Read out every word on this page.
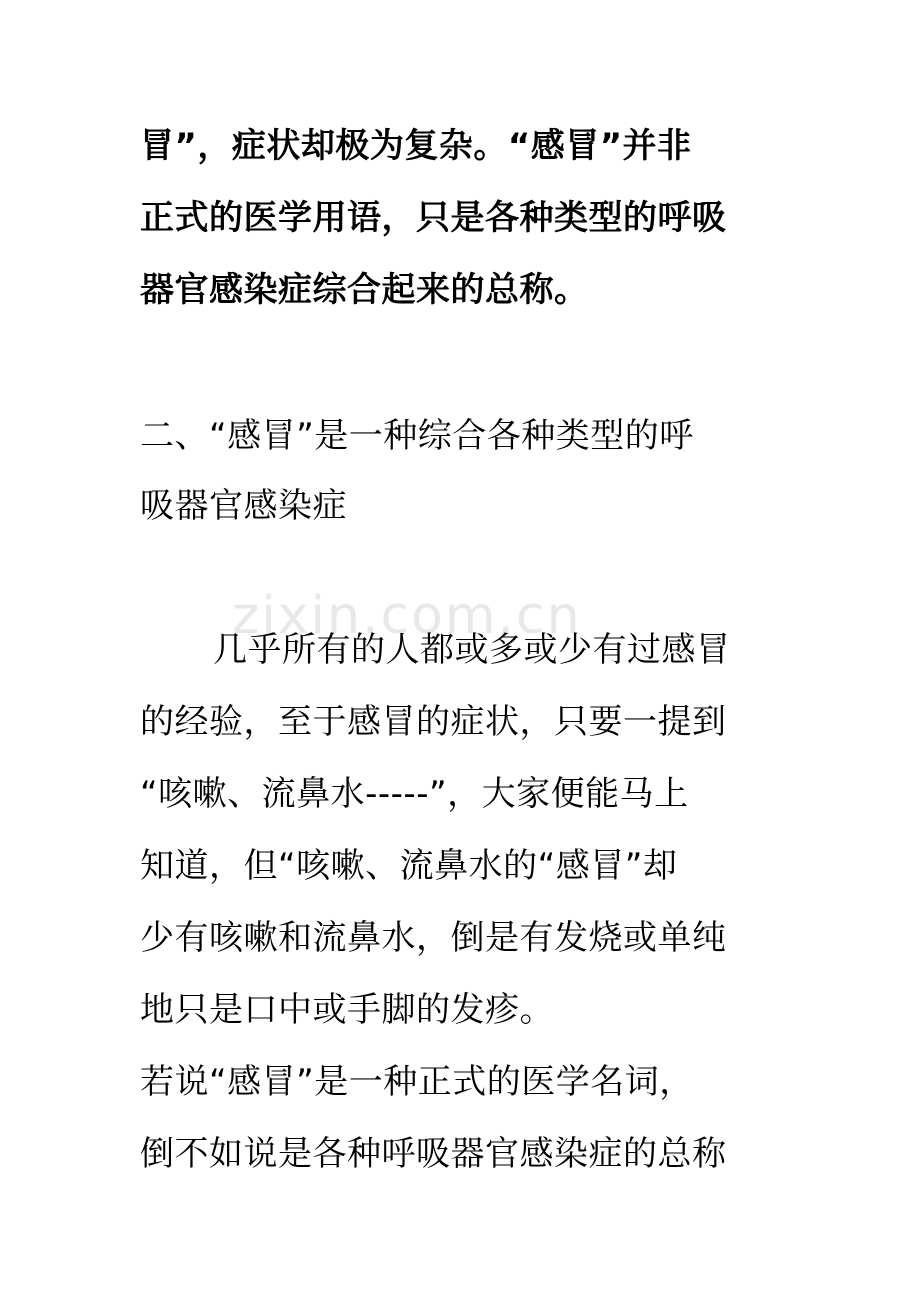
zixin.com.cn
冒”，症状却极为复杂。“感冒”并非
正式的医学用语，只是各种类型的呼吸
器官感染症综合起来的总称。
二、“感冒”是一种综合各种类型的呼
吸器官感染症
几乎所有的人都或多或少有过感冒
的经验，至于感冒的症状，只要一提到
“咳嗽、流鼻水-----”，大家便能马上
知道，但“咳嗽、流鼻水的“感冒”却
少有咳嗽和流鼻水，倒是有发烧或单纯
地只是口中或手脚的发疹。
若说“感冒”是一种正式的医学名词，
倒不如说是各种呼吸器官感染症的总称
